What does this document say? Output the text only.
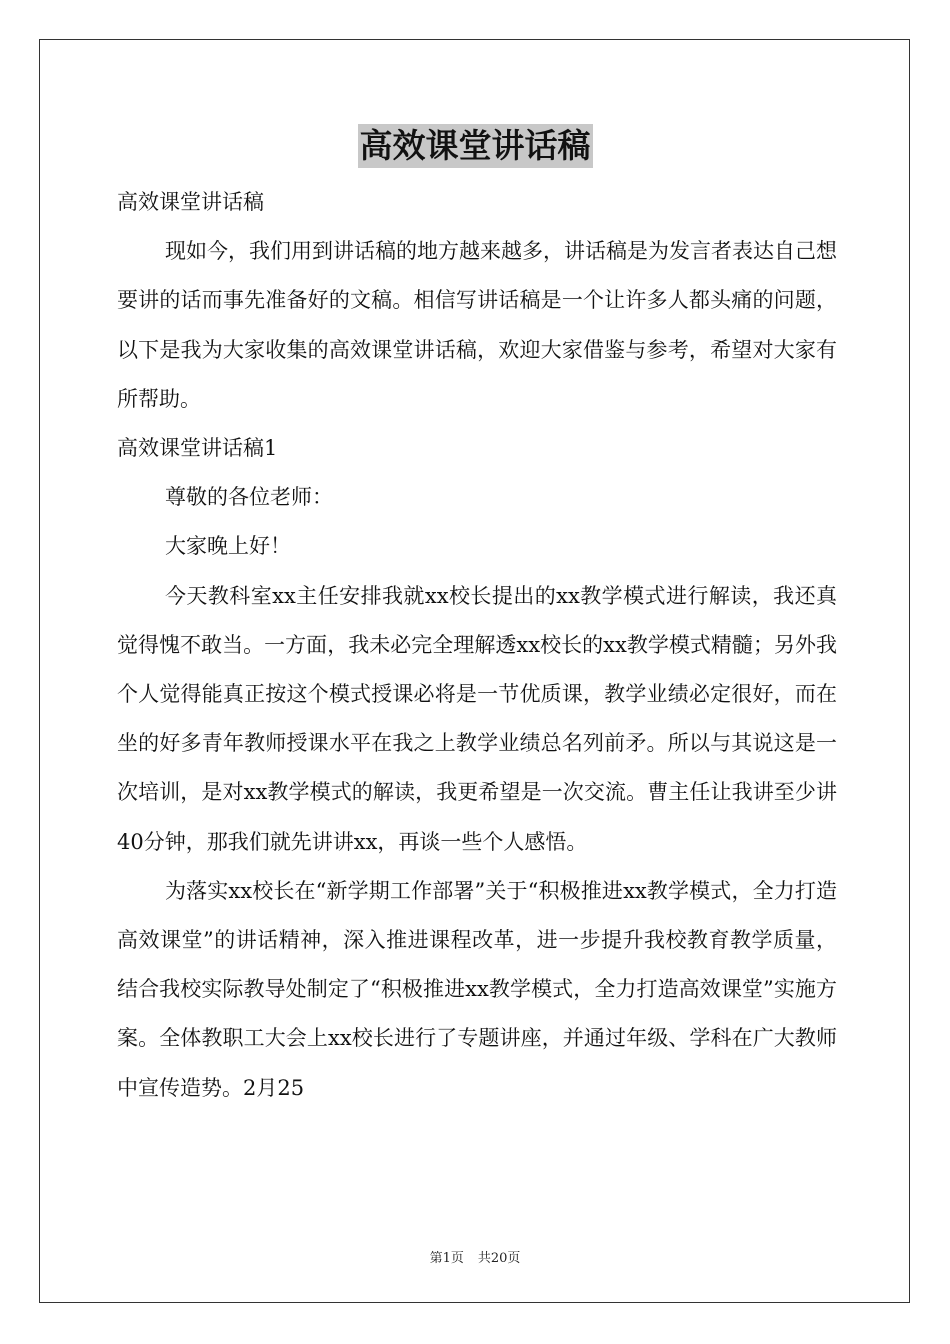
高效课堂讲话稿

高效课堂讲话稿

现如今，我们用到讲话稿的地方越来越多，讲话稿是为发言者表达自己想要讲的话而事先准备好的文稿。相信写讲话稿是一个让许多人都头痛的问题，以下是我为大家收集的高效课堂讲话稿，欢迎大家借鉴与参考，希望对大家有所帮助。

高效课堂讲话稿1

尊敬的各位老师：

大家晚上好！

今天教科室xx主任安排我就xx校长提出的xx教学模式进行解读，我还真觉得愧不敢当。一方面，我未必完全理解透xx校长的xx教学模式精髓；另外我个人觉得能真正按这个模式授课必将是一节优质课，教学业绩必定很好，而在坐的好多青年教师授课水平在我之上教学业绩总名列前矛。所以与其说这是一次培训，是对xx教学模式的解读，我更希望是一次交流。曹主任让我讲至少讲40分钟，那我们就先讲讲xx，再谈一些个人感悟。

为落实xx校长在“新学期工作部署”关于“积极推进xx教学模式，全力打造高效课堂”的讲话精神，深入推进课程改革，进一步提升我校教育教学质量，结合我校实际教导处制定了“积极推进xx教学模式，全力打造高效课堂”实施方案。全体教职工大会上xx校长进行了专题讲座，并通过年级、学科在广大教师中宣传造势。2月25

第1页 共20页
